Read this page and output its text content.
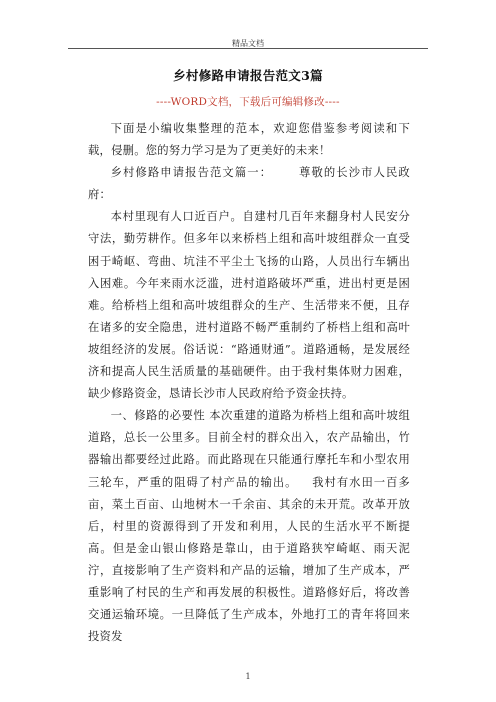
精品文档
乡村修路申请报告范文3篇
----WORD文档，下载后可编辑修改----

下面是小编收集整理的范本，欢迎您借鉴参考阅读和下载，侵删。您的努力学习是为了更美好的未来！

乡村修路申请报告范文篇一： 尊敬的长沙市人民政府：

本村里现有人口近百户。自建村几百年来翻身村人民安分守法，勤劳耕作。但多年以来桥档上组和高叶坡组群众一直受困于崎岖、弯曲、坑洼不平尘土飞扬的山路，人员出行车辆出入困难。今年来雨水泛滥，进村道路破坏严重，进出村更是困难。给桥档上组和高叶坡组群众的生产、生活带来不便，且存在诸多的安全隐患，进村道路不畅严重制约了桥档上组和高叶坡组经济的发展。俗话说：“路通财通”。道路通畅，是发展经济和提高人民生活质量的基础硬件。由于我村集体财力困难，缺少修路资金，恳请长沙市人民政府给予资金扶持。

一、修路的必要性 本次重建的道路为桥档上组和高叶坡组道路，总长一公里多。目前全村的群众出入，农产品输出，竹器输出都要经过此路。而此路现在只能通行摩托车和小型农用三轮车，严重的阻碍了村产品的输出。 我村有水田一百多亩，菜土百亩、山地树木一千余亩、其余的未开荒。改革开放后，村里的资源得到了开发和利用，人民的生活水平不断提高。但是金山银山修路是靠山，由于道路狭窄崎岖、雨天泥泞，直接影响了生产资料和产品的运输，增加了生产成本，严重影响了村民的生产和再发展的积极性。道路修好后，将改善交通运输环境。一旦降低了生产成本，外地打工的青年将回来投资发

1
